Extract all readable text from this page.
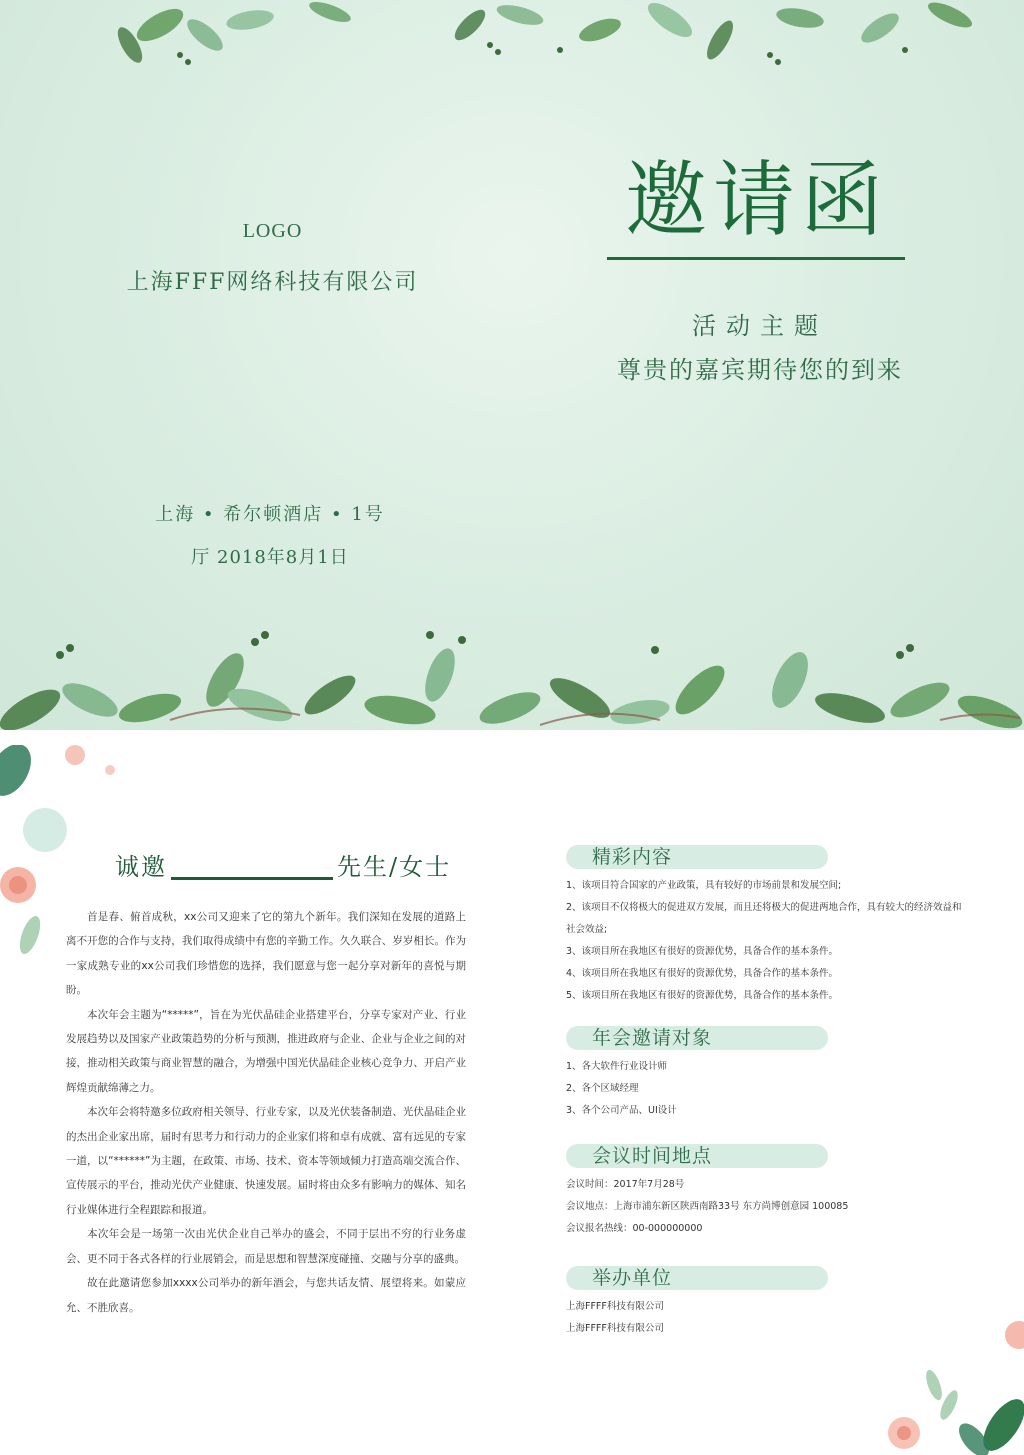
LOGO
上海FFF网络科技有限公司
邀请函
活动主题
尊贵的嘉宾期待您的到来
上海 • 希尔顿酒店 • 1号
厅 2018年8月1日
诚邀	先生/女士

首是春、俯首成秋，xx公司又迎来了它的第九个新年。我们深知在发展的道路上离不开您的合作与支持，我们取得成绩中有您的辛勤工作。久久联合、岁岁相长。作为一家成熟专业的xx公司我们珍惜您的选择，我们愿意与您一起分享对新年的喜悦与期盼。

本次年会主题为“*****”，旨在为光伏晶硅企业搭建平台，分享专家对产业、行业发展趋势以及国家产业政策趋势的分析与预测，推进政府与企业、企业与企业之间的对接，推动相关政策与商业智慧的融合，为增强中国光伏晶硅企业核心竞争力、开启产业辉煌贡献绵薄之力。

本次年会将特邀多位政府相关领导、行业专家，以及光伏装备制造、光伏晶硅企业的杰出企业家出席，届时有思考力和行动力的企业家们将和卓有成就、富有远见的专家一道，以“******”为主题，在政策、市场、技术、资本等领域倾力打造高端交流合作、宣传展示的平台，推动光伏产业健康、快速发展。届时将由众多有影响力的媒体、知名行业媒体进行全程跟踪和报道。

本次年会是一场第一次由光伏企业自己举办的盛会，不同于层出不穷的行业务虚会、更不同于各式各样的行业展销会，而是思想和智慧深度碰撞、交融与分享的盛典。

故在此邀请您参加xxxx公司举办的新年酒会，与您共话友情、展望将来。如蒙应允、不胜欣喜。

精彩内容
1、该项目符合国家的产业政策，具有较好的市场前景和发展空间;
2、该项目不仅将极大的促进双方发展，而且还将极大的促进两地合作，具有较大的经济效益和社会效益;
3、该项目所在我地区有很好的资源优势，具备合作的基本条件。
4、该项目所在我地区有很好的资源优势，具备合作的基本条件。
5、该项目所在我地区有很好的资源优势，具备合作的基本条件。
年会邀请对象
1、各大软件行业设计师
2、各个区域经理
3、各个公司产品、UI设计
会议时间地点
会议时间：2017年7月28号
会议地点：上海市浦东新区陕西南路33号 东方尚博创意园 100085
会议报名热线：00-000000000
举办单位
上海FFFF科技有限公司
上海FFFF科技有限公司
